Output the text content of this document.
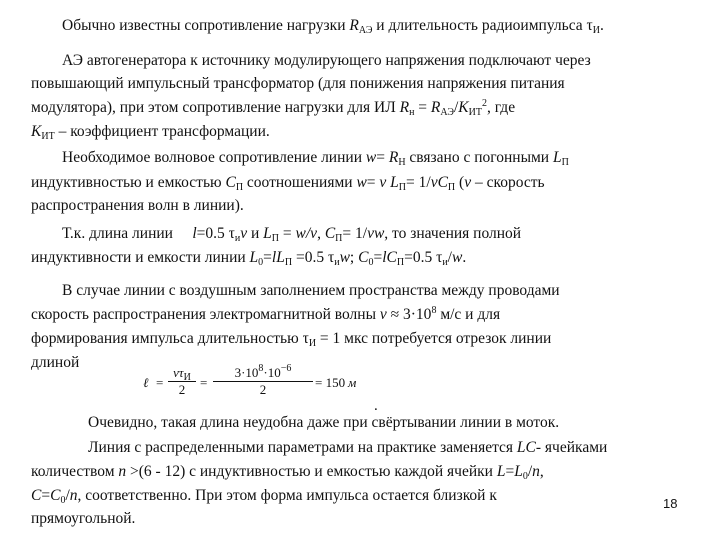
Обычно известны сопротивление нагрузки $R_{АЭ}$ и длительность радиоимпульса $\tau_И$.
АЭ автогенератора к источнику модулирующего напряжения подключают через
повышающий импульсный трансформатор (для понижения напряжения питания
модулятора), при этом сопротивление нагрузки для ИЛ $R_н = R_{АЭ}/K_{ИТ}^2$, где
$K_{ИТ}$ – коэффициент трансформации.
Необходимое волновое сопротивление линии $w= R_Н$ связано с погонными $L_П$
индуктивностью и емкостью $C_П$ соотношениями w= v $L_П= 1/vC_П$ (v – скорость
распространения волн в линии).
Т.к. длина линии l=0.5 $\tau_иv$ и $L_П = w/v$, $C_П= 1/vw$, то значения полной
индуктивности и емкости линии $L_0=lL_П =0.5$ $\tau_иw$; $C_0=lC_П=0.5$ $\tau_и/w$.
В случае линии с воздушным заполнением пространства между проводами
скорость распространения электромагнитной волны $v \approx 3\cdot 10^8$ м/с и для
формирования импульса длительностью $\tau_И = 1$ мкс потребуется отрезок линии
длиной
ℓ =
$v\tau_И$
2	= $\frac{3\cdot 10^8\cdot 10^{-6}}{2} = 150$ м
.
Очевидно, такая длина неудобна даже при свёртывании линии в моток.
Линия с распределенными параметрами на практике заменяется LC- ячейками
количеством n >(6 - 12) с индуктивностью и емкостью каждой ячейки $L=L_0/n$,
$C=C_0/n$, соответственно. При этом форма импульса остается близкой к
прямоугольной.
18
